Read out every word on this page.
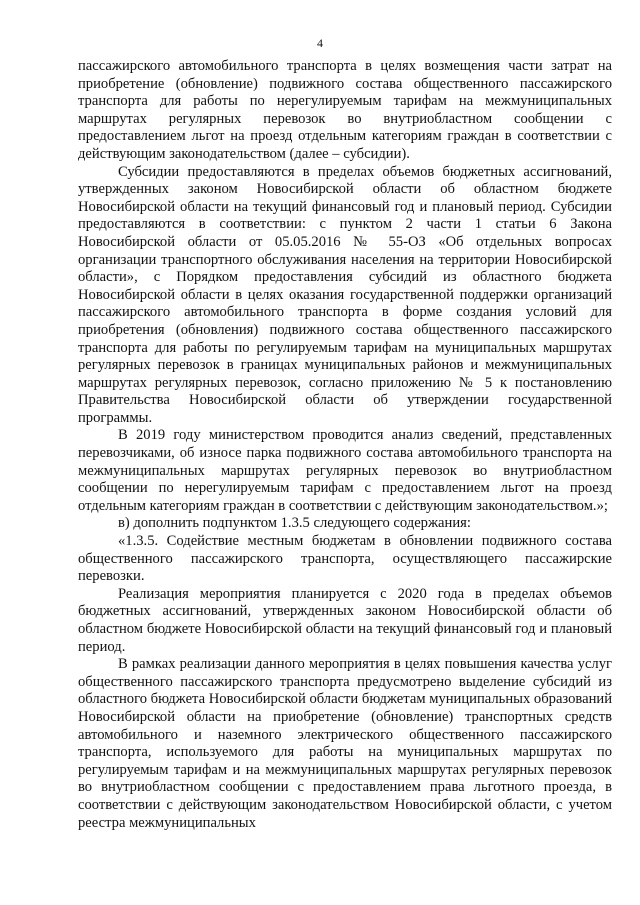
4

пассажирского автомобильного транспорта в целях возмещения части затрат на приобретение (обновление) подвижного состава общественного пассажирского транспорта для работы по нерегулируемым тарифам на межмуниципальных маршрутах регулярных перевозок во внутриобластном сообщении с предоставлением льгот на проезд отдельным категориям граждан в соответствии с действующим законодательством (далее – субсидии).

Субсидии предоставляются в пределах объемов бюджетных ассигнований, утвержденных законом Новосибирской области об областном бюджете Новосибирской области на текущий финансовый год и плановый период. Субсидии предоставляются в соответствии: с пунктом 2 части 1 статьи 6 Закона Новосибирской области от 05.05.2016 № 55-ОЗ «Об отдельных вопросах организации транспортного обслуживания населения на территории Новосибирской области», с Порядком предоставления субсидий из областного бюджета Новосибирской области в целях оказания государственной поддержки организаций пассажирского автомобильного транспорта в форме создания условий для приобретения (обновления) подвижного состава общественного пассажирского транспорта для работы по регулируемым тарифам на муниципальных маршрутах регулярных перевозок в границах муниципальных районов и межмуниципальных маршрутах регулярных перевозок, согласно приложению № 5 к постановлению Правительства Новосибирской области об утверждении государственной программы.

В 2019 году министерством проводится анализ сведений, представленных перевозчиками, об износе парка подвижного состава автомобильного транспорта на межмуниципальных маршрутах регулярных перевозок во внутриобластном сообщении по нерегулируемым тарифам с предоставлением льгот на проезд отдельным категориям граждан в соответствии с действующим законодательством.»;

в) дополнить подпунктом 1.3.5 следующего содержания:

«1.3.5. Содействие местным бюджетам в обновлении подвижного состава общественного пассажирского транспорта, осуществляющего пассажирские перевозки.

Реализация мероприятия планируется с 2020 года в пределах объемов бюджетных ассигнований, утвержденных законом Новосибирской области об областном бюджете Новосибирской области на текущий финансовый год и плановый период.

В рамках реализации данного мероприятия в целях повышения качества услуг общественного пассажирского транспорта предусмотрено выделение субсидий из областного бюджета Новосибирской области бюджетам муниципальных образований Новосибирской области на приобретение (обновление) транспортных средств автомобильного и наземного электрического общественного пассажирского транспорта, используемого для работы на муниципальных маршрутах по регулируемым тарифам и на межмуниципальных маршрутах регулярных перевозок во внутриобластном сообщении с предоставлением права льготного проезда, в соответствии с действующим законодательством Новосибирской области, с учетом реестра межмуниципальных
